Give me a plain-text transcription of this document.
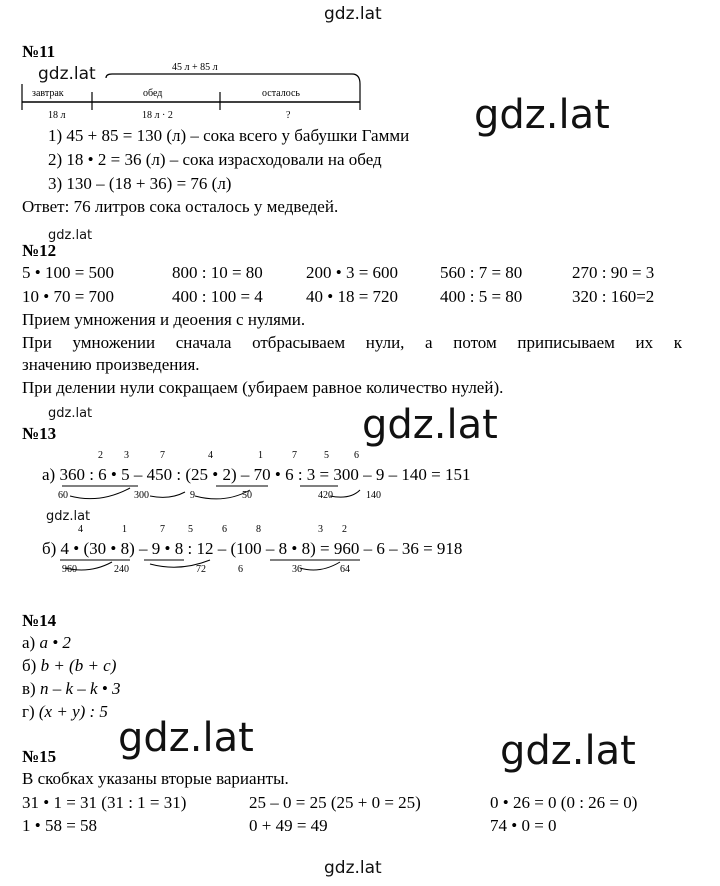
gdz.lat
№11
gdz.lat	45 л + 85 л
завтрак	обед	осталось
18 л	18 л · 2	?	gdz.lat
1) 45 + 85 = 130 (л) – сока всего у бабушки Гамми
2) 18 • 2 = 36 (л) – сока израсходовали на обед
3) 130 – (18 + 36) = 76 (л)
Ответ: 76 литров сока осталось у медведей.
gdz.lat
№12
5 • 100 = 500	800 : 10 = 80	200 • 3 = 600 560 : 7 = 80	270 : 90 = 3
10 • 70 = 700	400 : 100 = 4	40 • 18 = 720 400 : 5 = 80	320 : 160=2
Прием умножения и деоения с нулями.
При умножении сначала отбрасываем нули, а потом приписываем их к
значению произведения.
При делении нули сокращаем (убираем равное количество нулей).
gdz.lat	gdz.lat
№13
2 3	7	4	1	7	5	6
а) 360 : 6 • 5 – 450 : (25 • 2) – 70 • 6 : 3 = 300 – 9 – 140 = 151
60	300	9	50	420	140
gdz.lat
4	1	7 5	6	8	3 2
б) 4 • (30 • 8) – 9 • 8 : 12 – (100 – 8 • 8) = 960 – 6 – 36 = 918
960	240	72	6	36	64
№14
а) a • 2
б) b + (b + c)
в) n – k – k • 3
г) (x + y) : 5
gdz.lat	gdz.lat
№15
В скобках указаны вторые варианты.
31 • 1 = 31 (31 : 1 = 31)	25 – 0 = 25 (25 + 0 = 25)	0 • 26 = 0 (0 : 26 = 0)
1 • 58 = 58	0 + 49 = 49	74 • 0 = 0
gdz.lat
